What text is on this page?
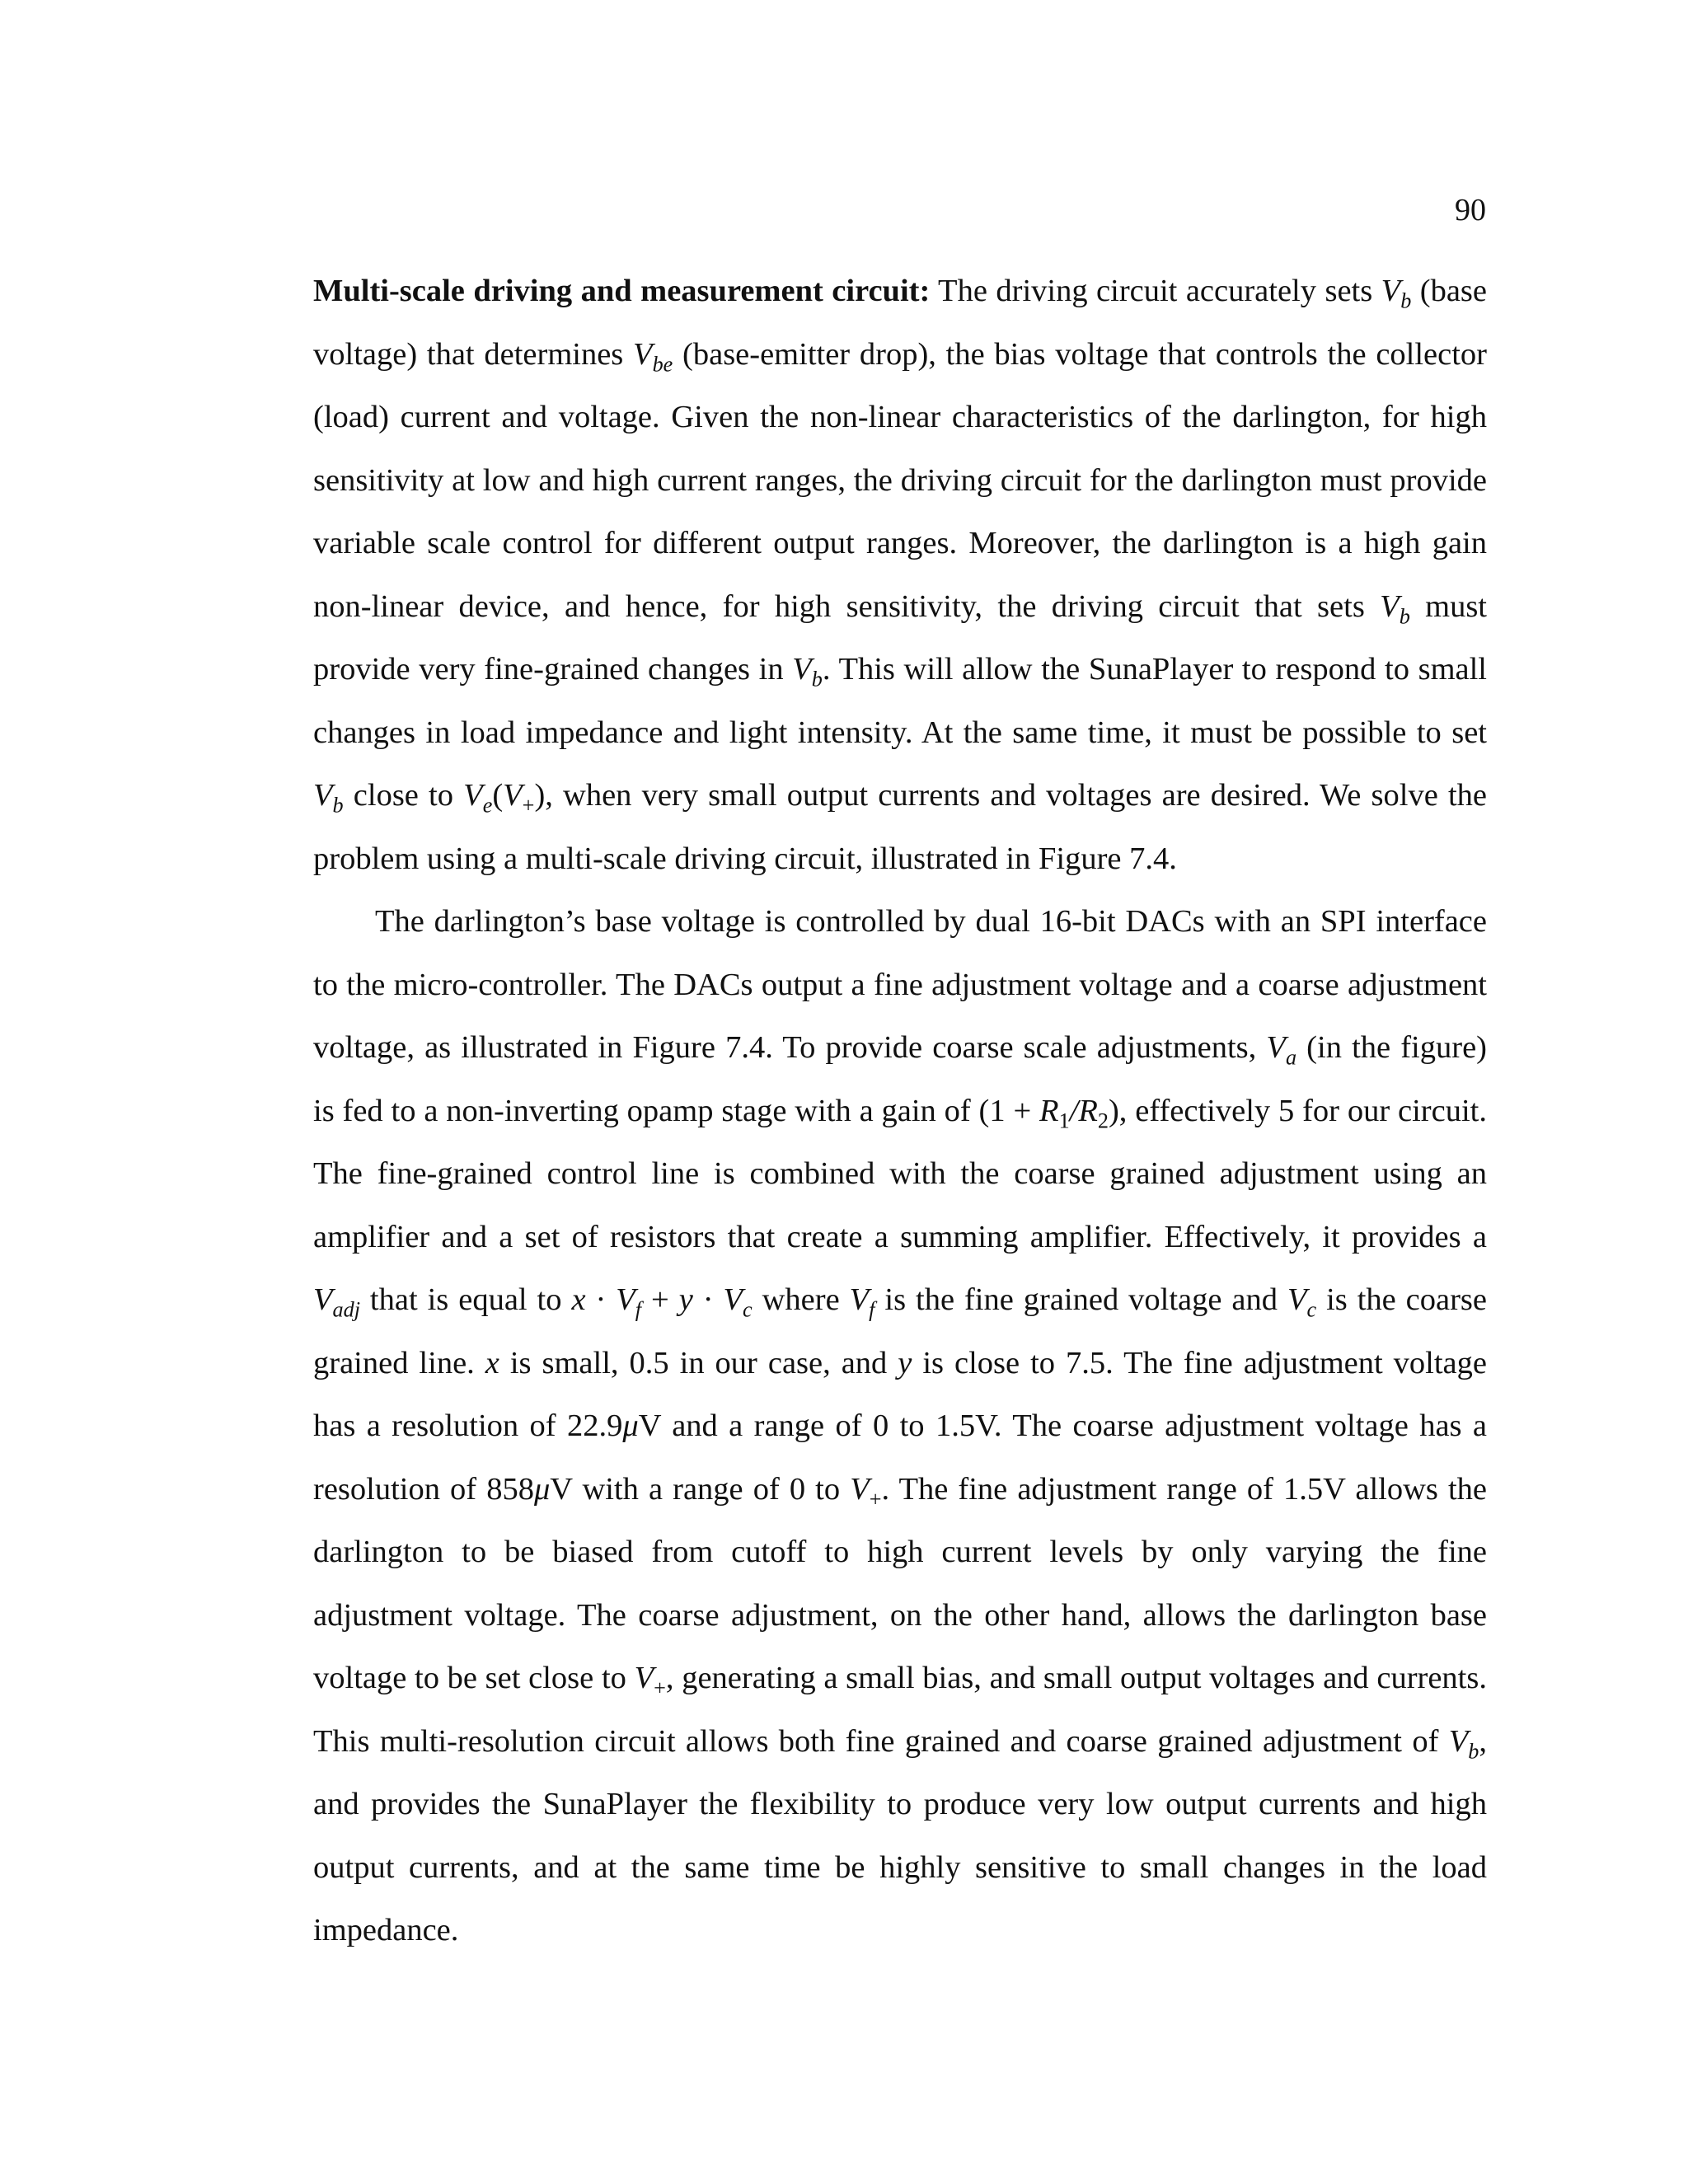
90

Multi-scale driving and measurement circuit: The driving circuit accurately sets $V_b$ (base voltage) that determines $V_{be}$ (base-emitter drop), the bias voltage that controls the collector (load) current and voltage. Given the non-linear characteristics of the darlington, for high sensitivity at low and high current ranges, the driving circuit for the darlington must provide variable scale control for different output ranges. Moreover, the darlington is a high gain non-linear device, and hence, for high sensitivity, the driving circuit that sets $V_b$ must provide very fine-grained changes in $V_b$. This will allow the SunaPlayer to respond to small changes in load impedance and light intensity. At the same time, it must be possible to set $V_b$ close to $V_e(V_+)$, when very small output currents and voltages are desired. We solve the problem using a multi-scale driving circuit, illustrated in Figure 7.4.

The darlington’s base voltage is controlled by dual 16-bit DACs with an SPI interface to the micro-controller. The DACs output a fine adjustment voltage and a coarse adjustment voltage, as illustrated in Figure 7.4. To provide coarse scale adjustments, $V_a$ (in the figure) is fed to a non-inverting opamp stage with a gain of $(1 + R_1/R_2)$, effectively 5 for our circuit. The fine-grained control line is combined with the coarse grained adjustment using an amplifier and a set of resistors that create a summing amplifier. Effectively, it provides a $V_{adj}$ that is equal to $x \cdot V_f + y \cdot V_c$ where $V_f$ is the fine grained voltage and $V_c$ is the coarse grained line. x is small, 0.5 in our case, and y is close to 7.5. The fine adjustment voltage has a resolution of 22.9μV and a range of 0 to 1.5V. The coarse adjustment voltage has a resolution of 858μV with a range of 0 to $V_+$. The fine adjustment range of 1.5V allows the darlington to be biased from cutoff to high current levels by only varying the fine adjustment voltage. The coarse adjustment, on the other hand, allows the darlington base voltage to be set close to $V_+$, generating a small bias, and small output voltages and currents. This multi-resolution circuit allows both fine grained and coarse grained adjustment of $V_b$, and provides the SunaPlayer the flexibility to produce very low output currents and high output currents, and at the same time be highly sensitive to small changes in the load impedance.
